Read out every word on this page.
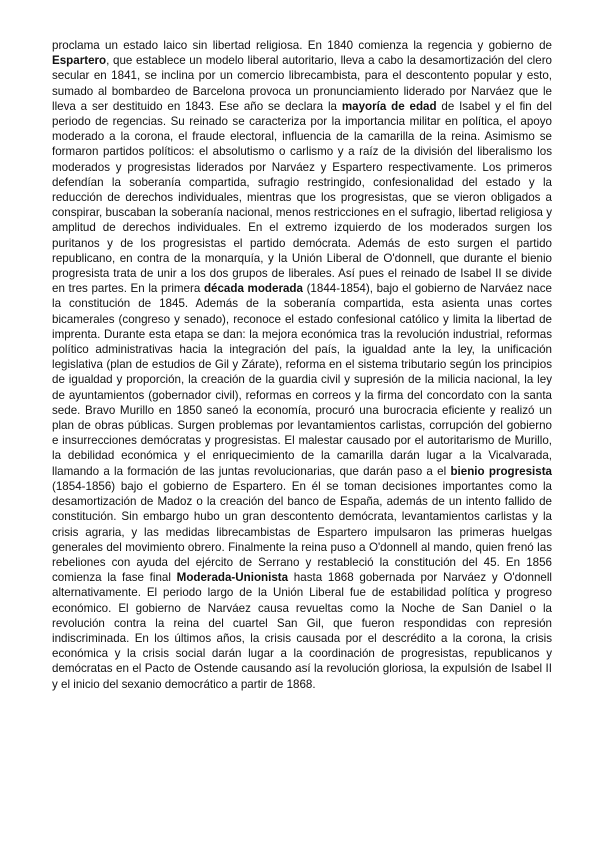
proclama un estado laico sin libertad religiosa. En 1840 comienza la regencia y gobierno de Espartero, que establece un modelo liberal autoritario, lleva a cabo la desamortización del clero secular en 1841, se inclina por un comercio librecambista, para el descontento popular y esto, sumado al bombardeo de Barcelona provoca un pronunciamiento liderado por Narváez que le lleva a ser destituido en 1843. Ese año se declara la mayoría de edad de Isabel y el fin del periodo de regencias. Su reinado se caracteriza por la importancia militar en política, el apoyo moderado a la corona, el fraude electoral, influencia de la camarilla de la reina. Asimismo se formaron partidos políticos: el absolutismo o carlismo y a raíz de la división del liberalismo los moderados y progresistas liderados por Narváez y Espartero respectivamente. Los primeros defendían la soberanía compartida, sufragio restringido, confesionalidad del estado y la reducción de derechos individuales, mientras que los progresistas, que se vieron obligados a conspirar, buscaban la soberanía nacional, menos restricciones en el sufragio, libertad religiosa y amplitud de derechos individuales. En el extremo izquierdo de los moderados surgen los puritanos y de los progresistas el partido demócrata. Además de esto surgen el partido republicano, en contra de la monarquía, y la Unión Liberal de O'donnell, que durante el bienio progresista trata de unir a los dos grupos de liberales. Así pues el reinado de Isabel II se divide en tres partes. En la primera década moderada (1844-1854), bajo el gobierno de Narváez nace la constitución de 1845. Además de la soberanía compartida, esta asienta unas cortes bicamerales (congreso y senado), reconoce el estado confesional católico y limita la libertad de imprenta. Durante esta etapa se dan: la mejora económica tras la revolución industrial, reformas político administrativas hacia la integración del país, la igualdad ante la ley, la unificación legislativa (plan de estudios de Gil y Zárate), reforma en el sistema tributario según los principios de igualdad y proporción, la creación de la guardia civil y supresión de la milicia nacional, la ley de ayuntamientos (gobernador civil), reformas en correos y la firma del concordato con la santa sede. Bravo Murillo en 1850 saneó la economía, procuró una burocracia eficiente y realizó un plan de obras públicas. Surgen problemas por levantamientos carlistas, corrupción del gobierno e insurrecciones demócratas y progresistas. El malestar causado por el autoritarismo de Murillo, la debilidad económica y el enriquecimiento de la camarilla darán lugar a la Vicalvarada, llamando a la formación de las juntas revolucionarias, que darán paso a el bienio progresista (1854-1856) bajo el gobierno de Espartero. En él se toman decisiones importantes como la desamortización de Madoz o la creación del banco de España, además de un intento fallido de constitución. Sin embargo hubo un gran descontento demócrata, levantamientos carlistas y la crisis agraria, y las medidas librecambistas de Espartero impulsaron las primeras huelgas generales del movimiento obrero. Finalmente la reina puso a O'donnell al mando, quien frenó las rebeliones con ayuda del ejército de Serrano y restableció la constitución del 45. En 1856 comienza la fase final Moderada-Unionista hasta 1868 gobernada por Narváez y O'donnell alternativamente. El periodo largo de la Unión Liberal fue de estabilidad política y progreso económico. El gobierno de Narváez causa revueltas como la Noche de San Daniel o la revolución contra la reina del cuartel San Gil, que fueron respondidas con represión indiscriminada. En los últimos años, la crisis causada por el descrédito a la corona, la crisis económica y la crisis social darán lugar a la coordinación de progresistas, republicanos y demócratas en el Pacto de Ostende causando así la revolución gloriosa, la expulsión de Isabel II y el inicio del sexanio democrático a partir de 1868.
